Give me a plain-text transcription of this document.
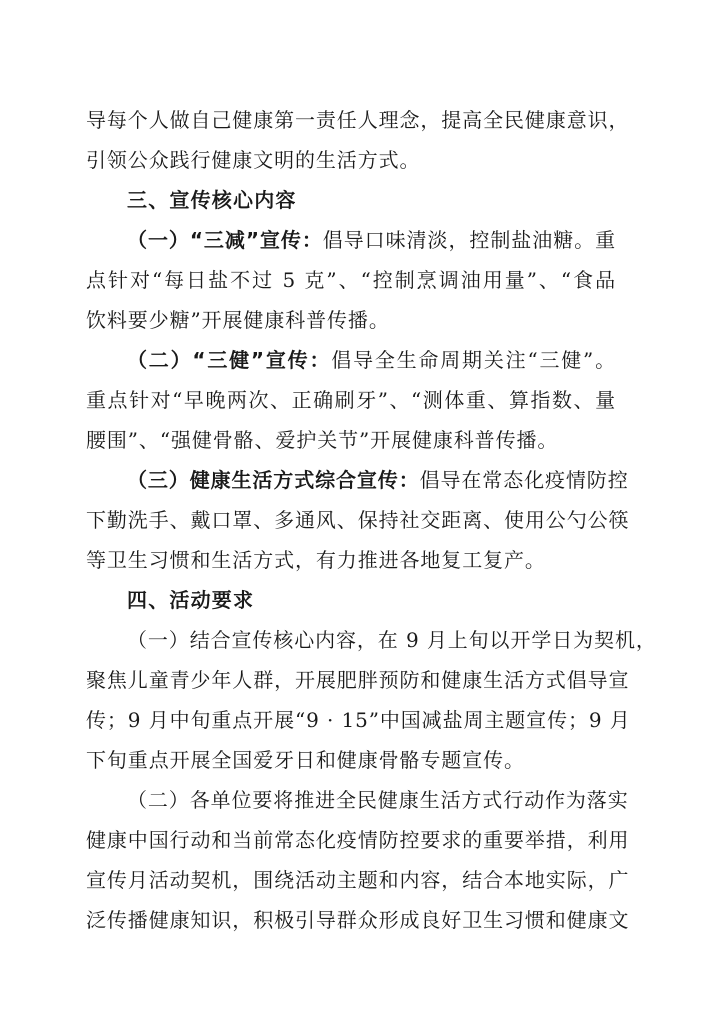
导每个人做自己健康第一责任人理念，提高全民健康意识，
引领公众践行健康文明的生活方式。
三、宣传核心内容
（一）“三减”宣传：倡导口味清淡，控制盐油糖。重
点针对“每日盐不过 5 克”、“控制烹调油用量”、“食品
饮料要少糖”开展健康科普传播。
（二）“三健”宣传：倡导全生命周期关注“三健”。
重点针对“早晚两次、正确刷牙”、“测体重、算指数、量
腰围”、“强健骨骼、爱护关节”开展健康科普传播。
（三）健康生活方式综合宣传：倡导在常态化疫情防控
下勤洗手、戴口罩、多通风、保持社交距离、使用公勺公筷
等卫生习惯和生活方式，有力推进各地复工复产。
四、活动要求
（一）结合宣传核心内容，在 9 月上旬以开学日为契机，
聚焦儿童青少年人群，开展肥胖预防和健康生活方式倡导宣
传；9 月中旬重点开展“9 · 15”中国减盐周主题宣传；9 月
下旬重点开展全国爱牙日和健康骨骼专题宣传。
（二）各单位要将推进全民健康生活方式行动作为落实
健康中国行动和当前常态化疫情防控要求的重要举措，利用
宣传月活动契机，围绕活动主题和内容，结合本地实际，广
泛传播健康知识，积极引导群众形成良好卫生习惯和健康文
